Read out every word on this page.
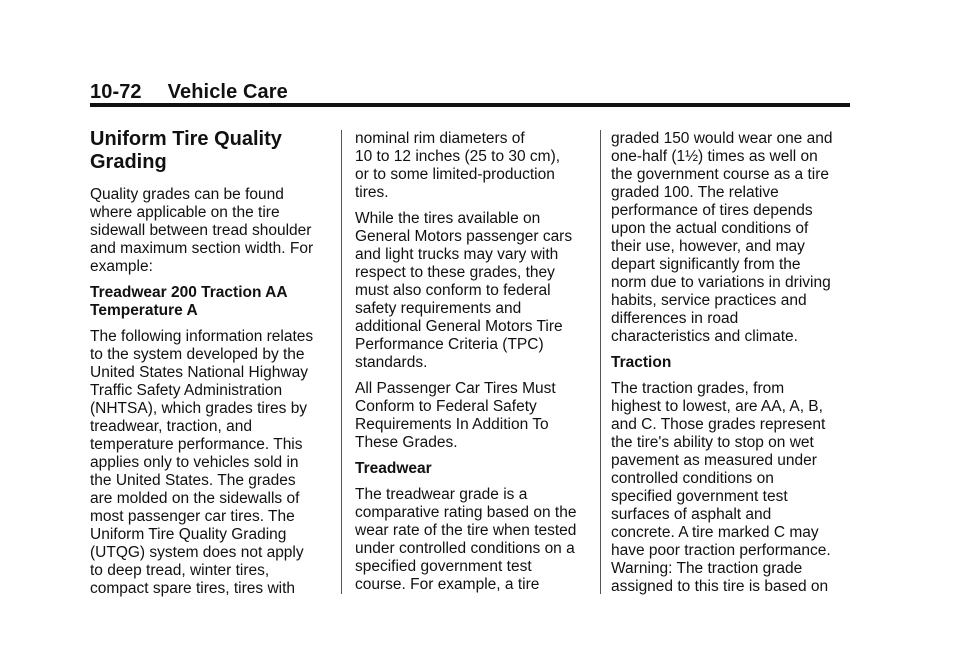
10-72 Vehicle Care
Uniform Tire Quality
Grading
Quality grades can be found
where applicable on the tire
sidewall between tread shoulder
and maximum section width. For
example:
Treadwear 200 Traction AA
Temperature A
The following information relates
to the system developed by the
United States National Highway
Traffic Safety Administration
(NHTSA), which grades tires by
treadwear, traction, and
temperature performance. This
applies only to vehicles sold in
the United States. The grades
are molded on the sidewalls of
most passenger car tires. The
Uniform Tire Quality Grading
(UTQG) system does not apply
to deep tread, winter tires,
compact spare tires, tires with
nominal rim diameters of
10 to 12 inches (25 to 30 cm),
or to some limited-production
tires.
While the tires available on
General Motors passenger cars
and light trucks may vary with
respect to these grades, they
must also conform to federal
safety requirements and
additional General Motors Tire
Performance Criteria (TPC)
standards.
All Passenger Car Tires Must
Conform to Federal Safety
Requirements In Addition To
These Grades.
Treadwear
The treadwear grade is a
comparative rating based on the
wear rate of the tire when tested
under controlled conditions on a
specified government test
course. For example, a tire
graded 150 would wear one and
one-half (1½) times as well on
the government course as a tire
graded 100. The relative
performance of tires depends
upon the actual conditions of
their use, however, and may
depart significantly from the
norm due to variations in driving
habits, service practices and
differences in road
characteristics and climate.
Traction
The traction grades, from
highest to lowest, are AA, A, B,
and C. Those grades represent
the tire's ability to stop on wet
pavement as measured under
controlled conditions on
specified government test
surfaces of asphalt and
concrete. A tire marked C may
have poor traction performance.
Warning: The traction grade
assigned to this tire is based on
